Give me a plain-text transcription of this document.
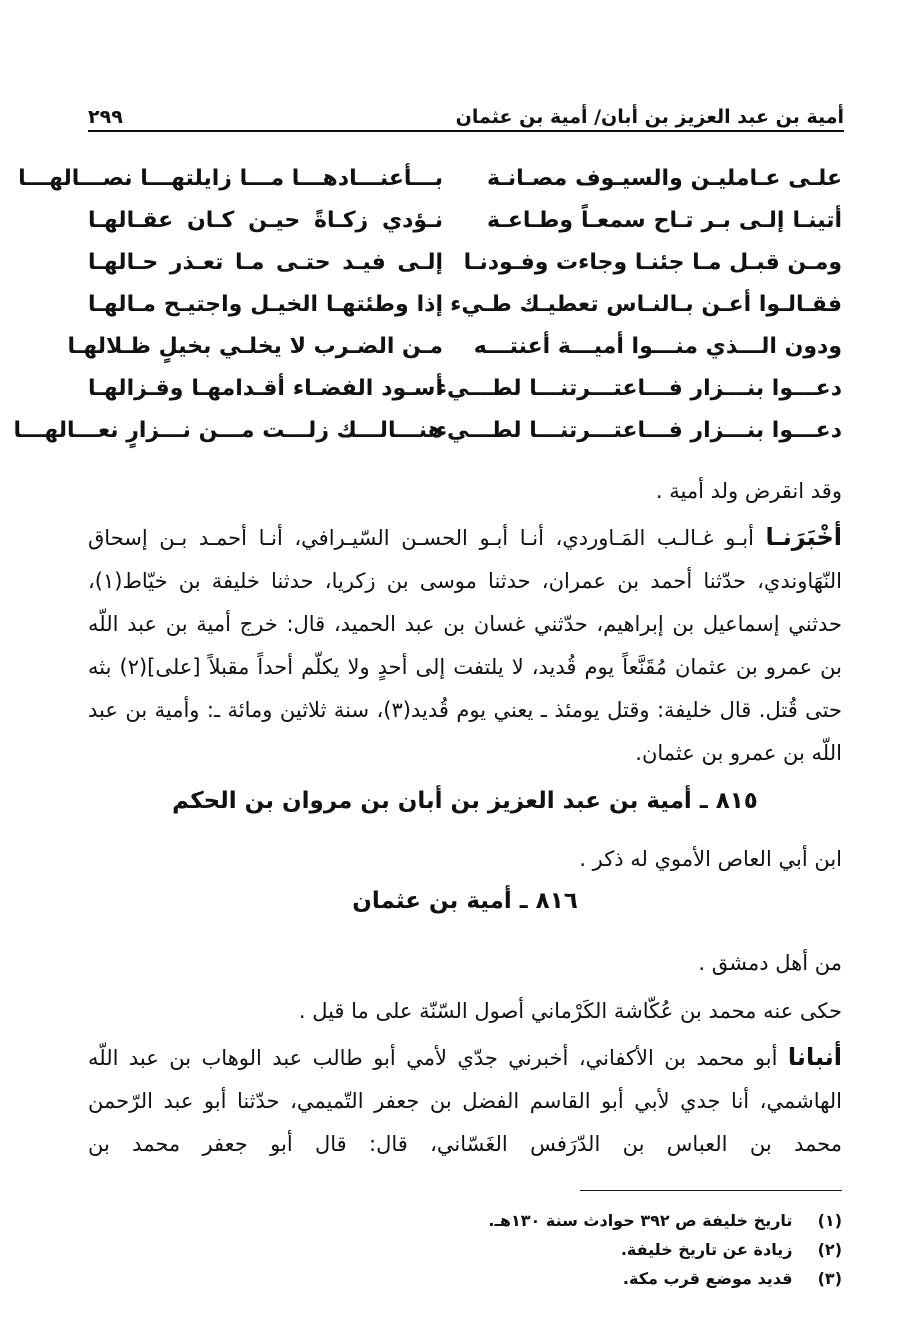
أمية بن عبد العزيز بن أبان/ أمية بن عثمان
٢٩٩
علـى عـامليـن والسيـوف مصـانـة
أتينـا إلـى بـر تـاح سمعـاً وطـاعـة
ومـن قبـل مـا جئنـا وجاءت وفـودنـا
فقـالـوا أعـن بـالنـاس تعطيـك طـيء
ودون الـــذي منـــوا أميـــة أعنتـــه
دعـــوا بنـــزار فـــاعتـــرتنـــا لطـــيء
دعـــوا بنـــزار فـــاعتـــرتنـــا لطـــيء
بـــأعنـــادهـــا مـــا زايلتهـــا نصـــالهـــا
نـؤدي زكـاةً حيـن كـان عقـالهـا
إلـى فيـد حتـى مـا تعـذر حـالهـا
إذا وطئتهـا الخيـل واجتيـح مـالهـا
مـن الضـرب لا يخلـي بخيلٍ ظـلالهـا
أسـود الفضـاء أقـدامهـا وقـزالهـا
هنـــالـــك زلـــت مـــن نـــزارٍ نعـــالهـــا
وقد انقرض ولد أمية .
أخْبَرَنـا أبـو غـالـب المَـاوردي، أنـا أبـو الحسـن السّيـرافي، أنـا أحمـد بـن إسحاق النّهَاوندي، حدّثنا أحمد بن عمران، حدثنا موسى بن زكريا، حدثنا خليفة بن خيّاط(١)، حدثني إسماعيل بن إبراهيم، حدّثني غسان بن عبد الحميد، قال: خرج أمية بن عبد اللّه بن عمرو بن عثمان مُقَنَّعاً يوم قُديد، لا يلتفت إلى أحدٍ ولا يكلّم أحداً مقبلاً [على](٢) بثه حتى قُتل. قال خليفة: وقتل يومئذ ـ يعني يوم قُديد(٣)، سنة ثلاثين ومائة ـ: وأمية بن عبد اللّه بن عمرو بن عثمان.
٨١٥ ـ أمية بن عبد العزيز بن أبان بن مروان بن الحكم
ابن أبي العاص الأموي له ذكر .
٨١٦ ـ أمية بن عثمان
من أهل دمشق .
حكى عنه محمد بن عُكّاشة الكَرْماني أصول السّنّة على ما قيل .
أنبانا أبو محمد بن الأكفاني، أخبرني جدّي لأمي أبو طالب عبد الوهاب بن عبد اللّه الهاشمي، أنا جدي لأبي أبو القاسم الفضل بن جعفر التّميمي، حدّثنا أبو عبد الرّحمن محمد بن العباس بن الدّرَفس الغَسّاني، قال: قال أبو جعفر محمد بن
(١) تاريخ خليفة ص ٣٩٢ حوادث سنة ١٣٠هـ.
(٢) زيادة عن تاريخ خليفة.
(٣) قديد موضع قرب مكة.
